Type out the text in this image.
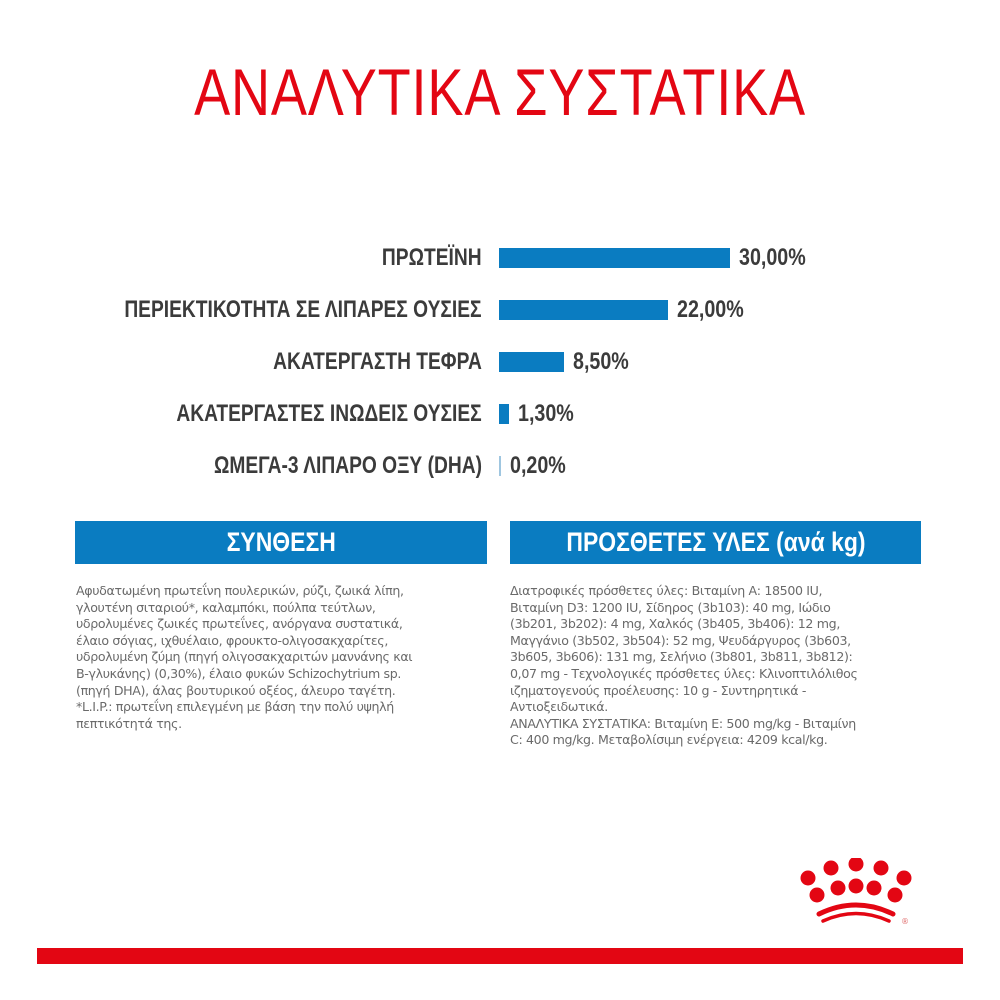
ΑΝΑΛΥΤΙΚΑ ΣΥΣΤΑΤΙΚΑ
ΠΡΩΤΕΪΝΗ	30,00%
ΠΕΡΙΕΚΤΙΚΟΤΗΤΑ ΣΕ ΛΙΠΑΡΕΣ ΟΥΣΙΕΣ	22,00%
ΑΚΑΤΕΡΓΑΣΤΗ ΤΕΦΡΑ	8,50%
ΑΚΑΤΕΡΓΑΣΤΕΣ ΙΝΩΔΕΙΣ ΟΥΣΙΕΣ 1,30%
ΩΜΕΓΑ-3 ΛΙΠΑΡΟ ΟΞΥ (DHA) 0,20%
ΣΥΝΘΕΣΗ

Αφυδατωμένη πρωτεΐνη πουλερικών, ρύζι, ζωικά λίπη,

γλουτένη σιταριού*, καλαμπόκι, πούλπα τεύτλων,

υδρολυμένες ζωικές πρωτεΐνες, ανόργανα συστατικά,

έλαιο σόγιας, ιχθυέλαιο, φρουκτο-ολιγοσακχαρίτες,

υδρολυμένη ζύμη (πηγή ολιγοσακχαριτών μαννάνης και

Β-γλυκάνης) (0,30%), έλαιο φυκών Schizochytrium sp.

(πηγή DHA), άλας βουτυρικού οξέος, άλευρο ταγέτη.

*L.I.P.: πρωτεΐνη επιλεγμένη με βάση την πολύ υψηλή

πεπτικότητά της.

ΠΡΟΣΘΕΤΕΣ ΥΛΕΣ (ανά kg)

Διατροφικές πρόσθετες ύλες: Βιταμίνη Α: 18500 IU,

Βιταμίνη D3: 1200 IU, Σίδηρος (3b103): 40 mg, Ιώδιο

(3b201, 3b202): 4 mg, Χαλκός (3b405, 3b406): 12 mg,

Μαγγάνιο (3b502, 3b504): 52 mg, Ψευδάργυρος (3b603,

3b605, 3b606): 131 mg, Σελήνιο (3b801, 3b811, 3b812):

0,07 mg - Τεχνολογικές πρόσθετες ύλες: Κλινοπτιλόλιθος

ιζηματογενούς προέλευσης: 10 g - Συντηρητικά -

Αντιοξειδωτικά.

ΑΝΑΛΥΤΙΚΑ ΣΥΣΤΑΤΙΚΑ: Βιταμίνη Ε: 500 mg/kg - Βιταμίνη

C: 400 mg/kg. Μεταβολίσιμη ενέργεια: 4209 kcal/kg.

®
